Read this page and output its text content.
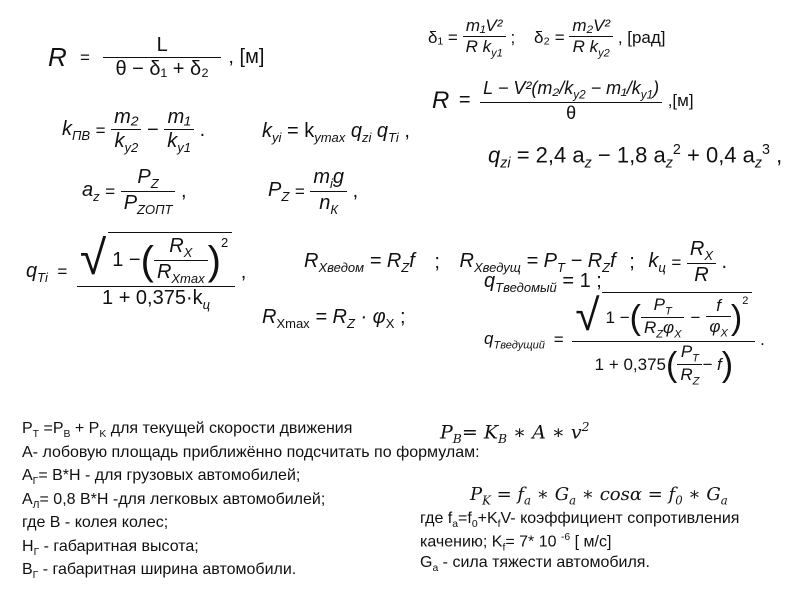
$R = \frac{L}{\text{θ − δ₁ + δ₂}}$ , [м]
$\delta_1 = \frac{\text{m₁V²}}{R k_{y1}}$ ; $\delta_2 = \frac{\text{m₂V²}}{R k_{y2}}$ , [рад]
$R = \frac{L - V^2(m_2/k_{y2} - m_1/k_{y1})}{\theta} ,[м]$
$k_{ПВ} = \frac{\text{m₂}}{k_{y2}} - \frac{\text{m₁}}{k_{y1}}$ .	$k_{yi} = k_{ymax}$ $q_{zi}$ $q_{Ti}$ ,
$q_{zi} = 2,4$ $a_z - 1,8$ $a_z^2 + 0,4$ $a_z^3$ ,
$a_z = \frac{P_Z}{P_{ZОПТ}}$ ,	$P_Z = \frac{m_ig}{n_К}$ ,
$q_{Ti} = \frac{√ 1 -( \frac{R_X}{R_{Xmax}} )^2}{1 + 0,375\cdot k_ц}$ ,	$R_{Xведом} = R_Zf$ ; $R_{Xведущ} = P_T - R_Zf$ ; $k_ц = \frac{R_X}{R}$ .
$q_{Tведомый} = 1$ ;
$R_{Xmax} = R_Z \cdot \varphi_X$ ;
$q_{Tведущий} = \frac{√ 1 -( \frac{P_T}{R_Z\varphi_X} - \frac{f}{\varphi_X} )^2}{1 + 0,375( \frac{P_T}{R_Z} - f)}$ .
$P_T =P_B + P_K$ для текущей скорости движения
А- лобовую площадь приближённо подсчитать по формулам:
$А_Г= В*Н$ - для грузовых автомобилей;
$А_Л= 0,8$ В*Н -для легковых автомобилей;
где В - колея колес;
$Н_Г$ - габаритная высота;
$В_Г$ - габаритная ширина автомобили.
$P_B= K_B$ ∗ A ∗ 𝑣$^2$
$P_K = f_a$ ∗ $G_a$ ∗ $\cos\alpha = f_0$ ∗ $G_a$
где $f_a=f_0+K_fV-$ коэффициент сопротивления
качению; $K_f= 7*$ 10 $^{-6}$ [ м/с]
$G_a$ - сила тяжести автомобиля.
